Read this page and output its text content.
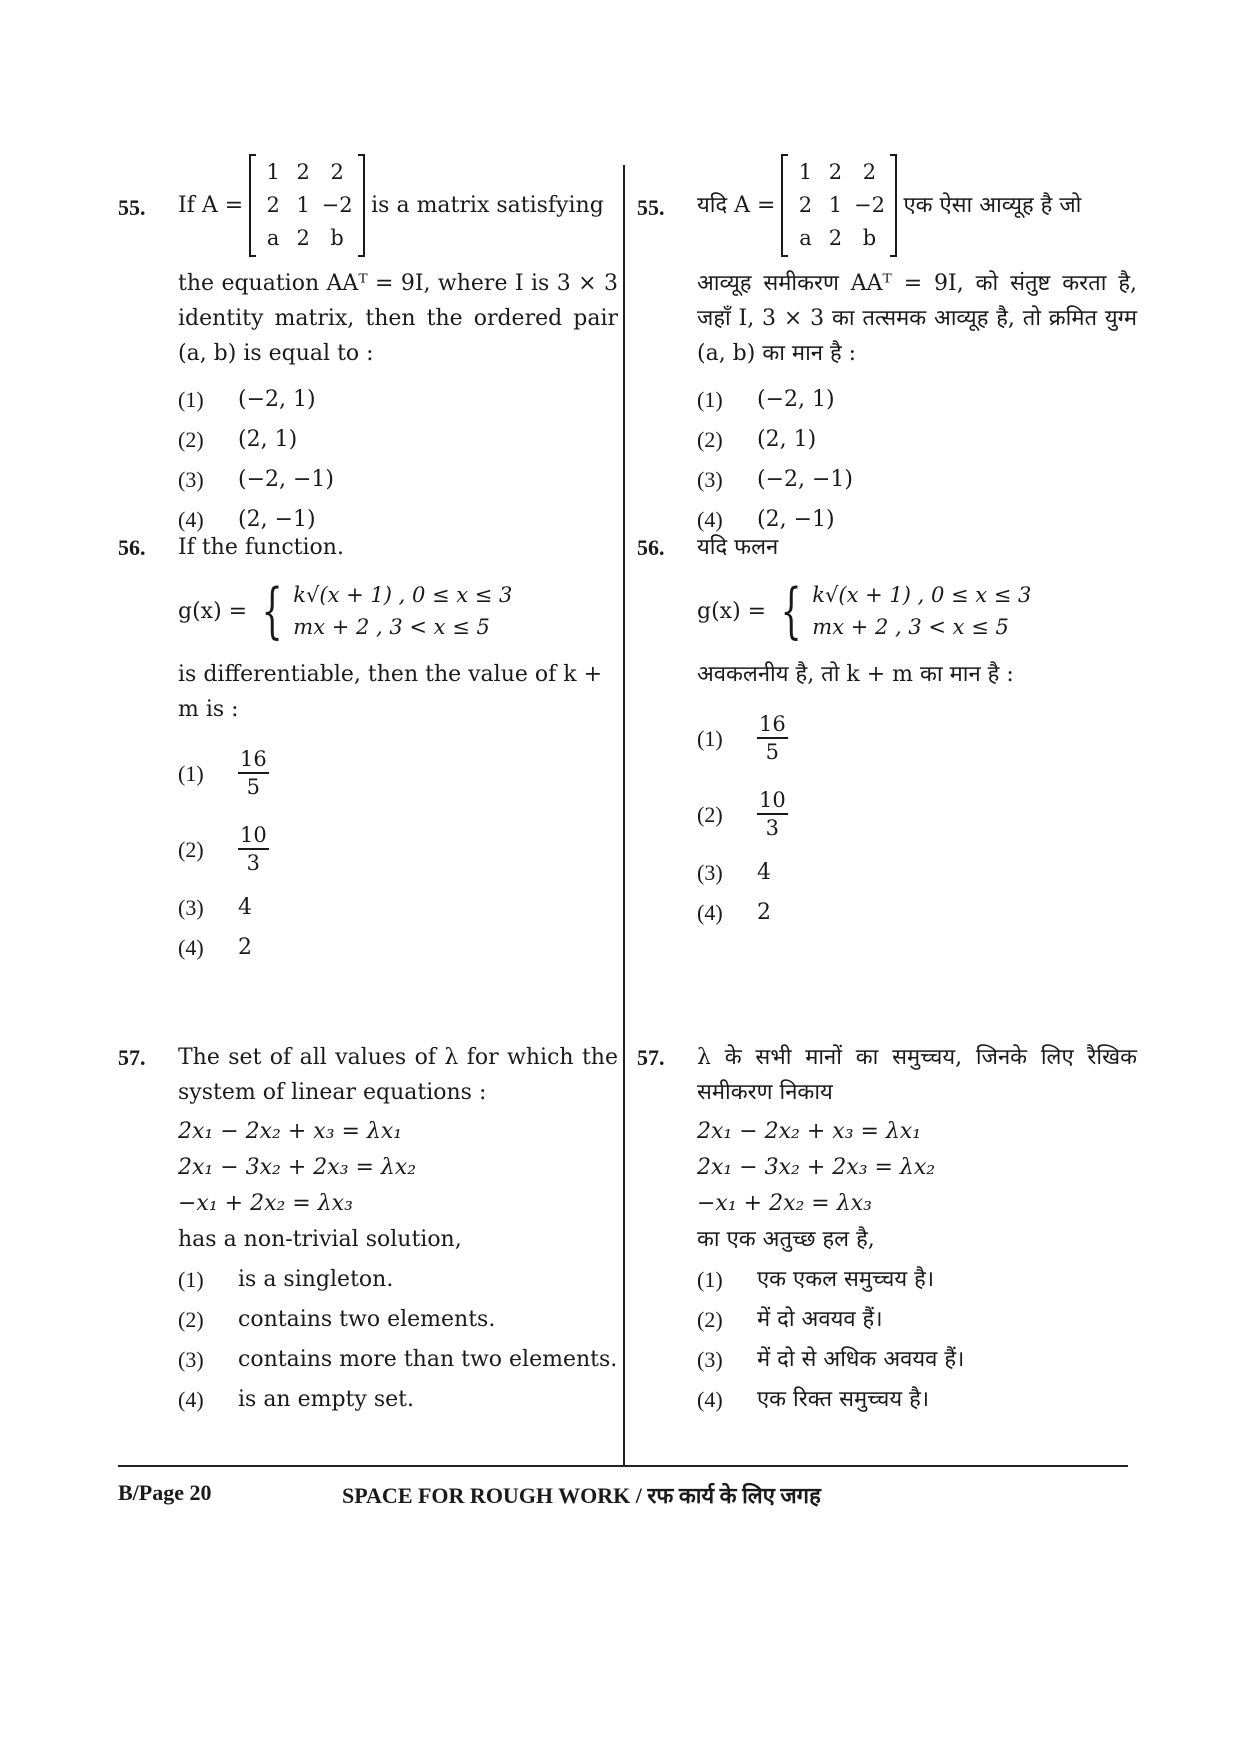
55. If A =
1 2 2
2 1 −2
a 2 b
is a matrix satisfying
the equation AAᵀ = 9I, where I is 3 × 3 identity matrix, then the ordered pair (a, b) is equal to :
(1)	(−2, 1)
(2)	(2, 1)
(3)	(−2, −1)
(4)	(2, −1)
56. If the function.
g(x) = { k√(x + 1) , 0 ≤ x ≤ 3
mx + 2 , 3 < x ≤ 5
is differentiable, then the value of k + m is :
(1)	$\frac{16}{5}$
(2)	$\frac{10}{3}$
(3)	4
(4)	2
57. The set of all values of λ for which the system of linear equations :
2x₁ − 2x₂ + x₃ = λx₁
2x₁ − 3x₂ + 2x₃ = λx₂
−x₁ + 2x₂ = λx₃
has a non-trivial solution,
(1)	is a singleton.
(2)	contains two elements.
(3)	contains more than two elements.
(4)	is an empty set.
55. यदि A =
1 2 2
2 1 −2
a 2 b
एक ऐसा आव्यूह है जो
आव्यूह समीकरण AAᵀ = 9I, को संतुष्ट करता है, जहाँ I, 3 × 3 का तत्समक आव्यूह है, तो क्रमित युग्म (a, b) का मान है :
(1)	(−2, 1)
(2)	(2, 1)
(3)	(−2, −1)
(4)	(2, −1)
56. यदि फलन
g(x) = { k√(x + 1) , 0 ≤ x ≤ 3
mx + 2 , 3 < x ≤ 5
अवकलनीय है, तो k + m का मान है :
(1)	$\frac{16}{5}$
(2)	$\frac{10}{3}$
(3)	4
(4)	2
57. λ के सभी मानों का समुच्चय, जिनके लिए रैखिक समीकरण निकाय
2x₁ − 2x₂ + x₃ = λx₁
2x₁ − 3x₂ + 2x₃ = λx₂
−x₁ + 2x₂ = λx₃
का एक अतुच्छ हल है,
(1)	एक एकल समुच्चय है।
(2)	में दो अवयव हैं।
(3)	में दो से अधिक अवयव हैं।
(4)	एक रिक्त समुच्चय है।
B/Page 20	SPACE FOR ROUGH WORK / रफ कार्य के लिए जगह
